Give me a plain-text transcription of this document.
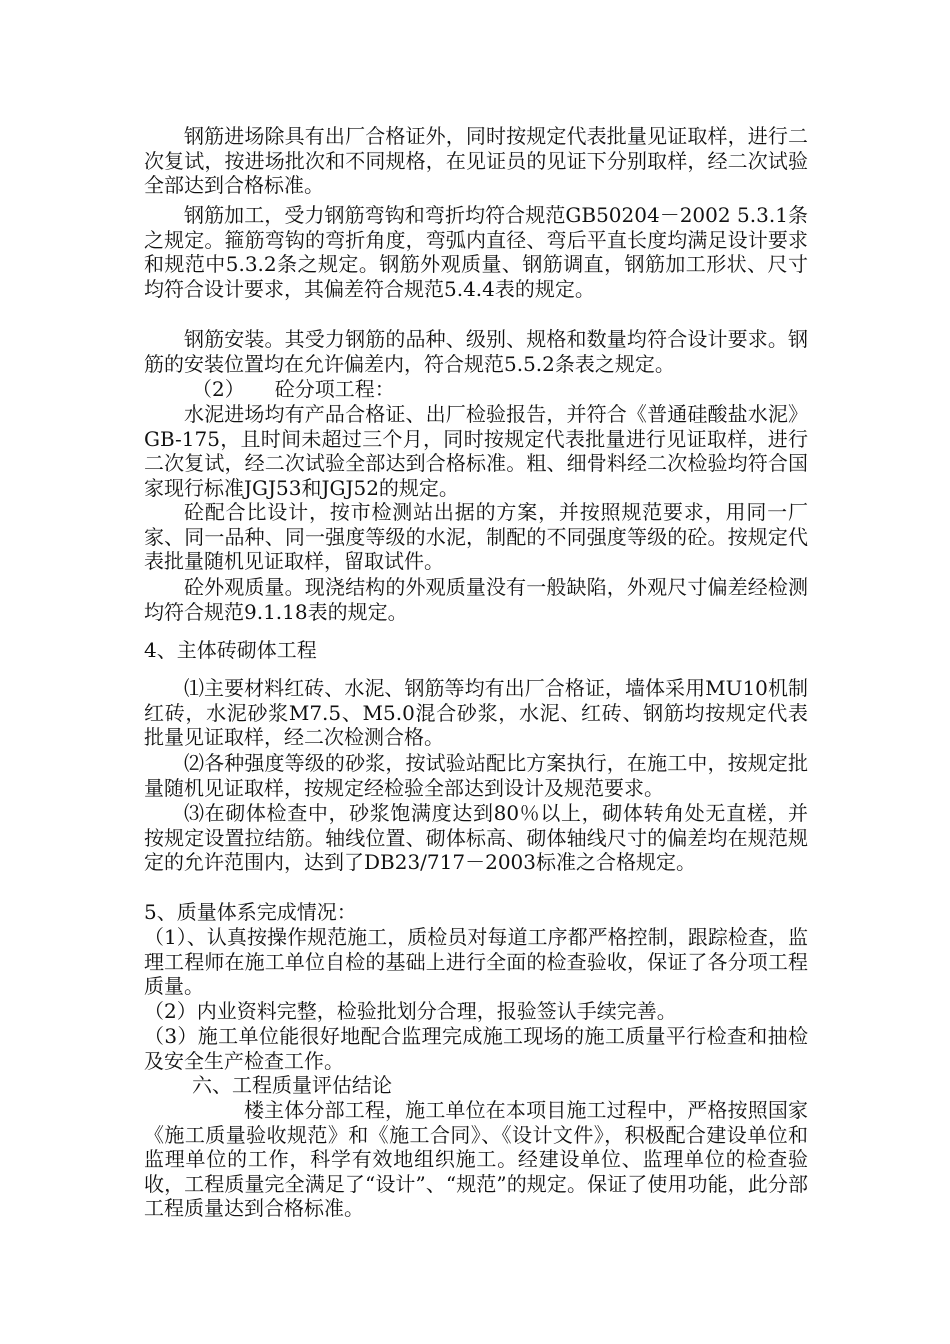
钢筋进场除具有出厂合格证外，同时按规定代表批量见证取样，进行二次复试，按进场批次和不同规格，在见证员的见证下分别取样，经二次试验全部达到合格标准。

钢筋加工，受力钢筋弯钩和弯折均符合规范GB50204－2002 5.3.1条之规定。箍筋弯钩的弯折角度，弯弧内直径、弯后平直长度均满足设计要求和规范中5.3.2条之规定。钢筋外观质量、钢筋调直，钢筋加工形状、尺寸均符合设计要求，其偏差符合规范5.4.4表的规定。

钢筋安装。其受力钢筋的品种、级别、规格和数量均符合设计要求。钢筋的安装位置均在允许偏差内，符合规范5.5.2条表之规定。

（2）　　砼分项工程：

水泥进场均有产品合格证、出厂检验报告，并符合《普通硅酸盐水泥》GB-175，且时间未超过三个月，同时按规定代表批量进行见证取样，进行二次复试，经二次试验全部达到合格标准。粗、细骨料经二次检验均符合国家现行标准JGJ53和JGJ52的规定。

砼配合比设计，按市检测站出据的方案，并按照规范要求，用同一厂家、同一品种、同一强度等级的水泥，制配的不同强度等级的砼。按规定代表批量随机见证取样，留取试件。

砼外观质量。现浇结构的外观质量没有一般缺陷，外观尺寸偏差经检测均符合规范9.1.18表的规定。

4、主体砖砌体工程

⑴主要材料红砖、水泥、钢筋等均有出厂合格证，墙体采用MU10机制红砖，水泥砂浆M7.5、M5.0混合砂浆，水泥、红砖、钢筋均按规定代表批量见证取样，经二次检测合格。

⑵各种强度等级的砂浆，按试验站配比方案执行，在施工中，按规定批量随机见证取样，按规定经检验全部达到设计及规范要求。

⑶在砌体检查中，砂浆饱满度达到80％以上，砌体转角处无直槎，并按规定设置拉结筋。轴线位置、砌体标高、砌体轴线尺寸的偏差均在规范规定的允许范围内，达到了DB23/717－2003标准之合格规定。

5、质量体系完成情况：

（1）、认真按操作规范施工，质检员对每道工序都严格控制，跟踪检查，监理工程师在施工单位自检的基础上进行全面的检查验收，保证了各分项工程质量。

（2）内业资料完整，检验批划分合理，报验签认手续完善。

（3）施工单位能很好地配合监理完成施工现场的施工质量平行检查和抽检及安全生产检查工作。

六、工程质量评估结论

楼主体分部工程，施工单位在本项目施工过程中，严格按照国家《施工质量验收规范》和《施工合同》、《设计文件》，积极配合建设单位和监理单位的工作，科学有效地组织施工。经建设单位、监理单位的检查验收，工程质量完全满足了“设计”、“规范”的规定。保证了使用功能，此分部工程质量达到合格标准。
